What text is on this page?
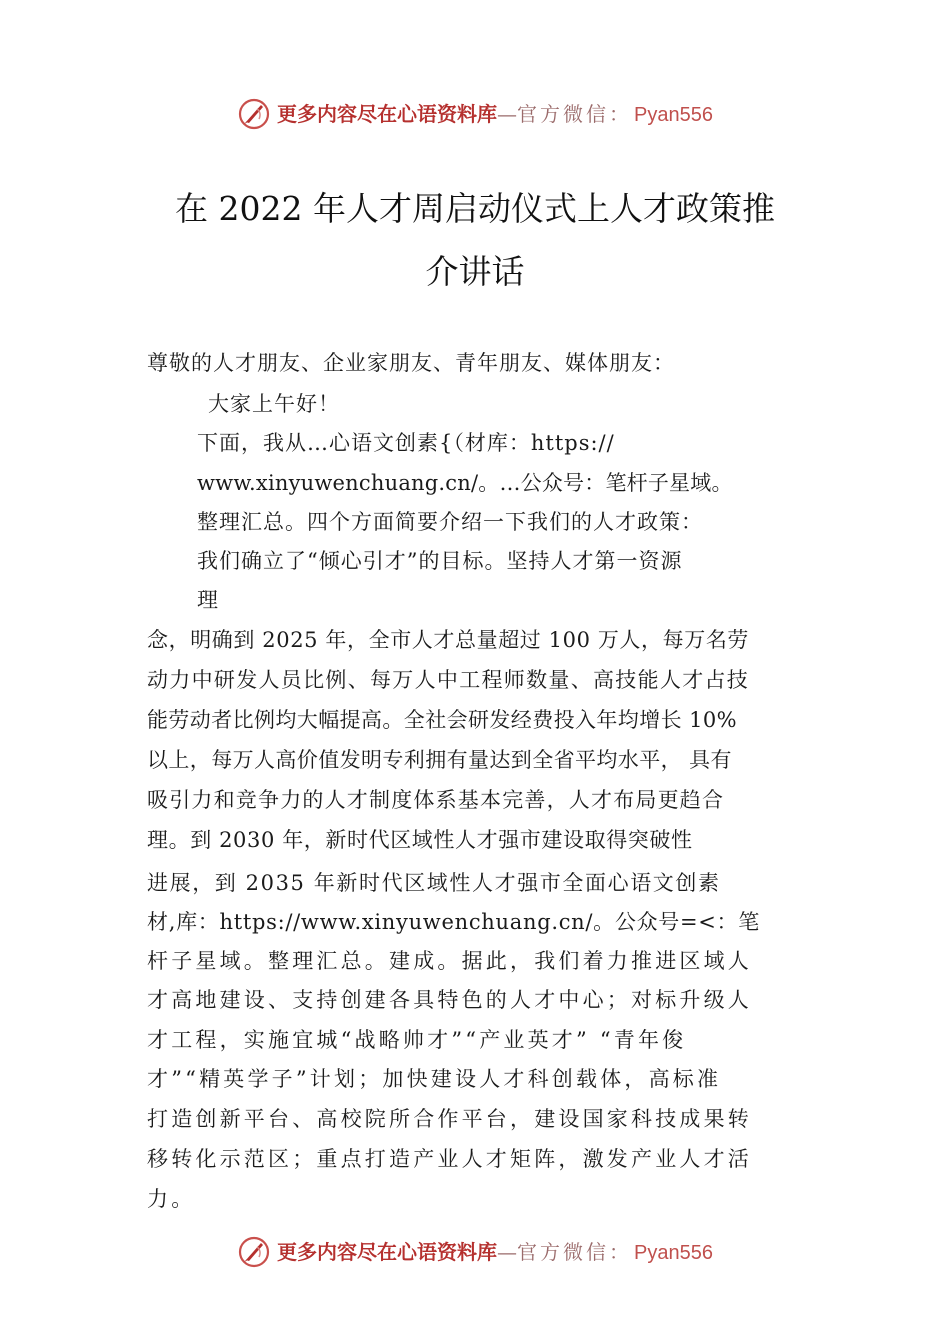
更多内容尽在心语资料库 — 官方微信： Pyan556
在 2022 年人才周启动仪式上人才政策推
介讲话
尊敬的人才朋友、企业家朋友、青年朋友、媒体朋友：
大家上午好！
下面，我从…心语文创素{（材库：https://
www.xinyuwenchuang.cn/。…公众号：笔杆子星域。
整理汇总。四个方面简要介绍一下我们的人才政策：
我们确立了“倾心引才”的目标。坚持人才第一资源
理
念，明确到 2025 年，全市人才总量超过 100 万人，每万名劳
动力中研发人员比例、每万人中工程师数量、高技能人才占技
能劳动者比例均大幅提高。全社会研发经费投入年均增长 10%
以上，每万人高价值发明专利拥有量达到全省平均水平， 具有
吸引力和竞争力的人才制度体系基本完善，人才布局更趋合
理。到 2030 年，新时代区域性人才强市建设取得突破性
进展，到 2035 年新时代区域性人才强市全面心语文创素
材,库：https://www.xinyuwenchuang.cn/。公众号=<：笔
杆子星域。整理汇总。建成。据此，我们着力推进区域人
才高地建设、支持创建各具特色的人才中心；对标升级人
才工程，实施宜城“战略帅才”“产业英才” “青年俊
才”“精英学子”计划；加快建设人才科创载体，高标准
打造创新平台、高校院所合作平台，建设国家科技成果转
移转化示范区；重点打造产业人才矩阵，激发产业人才活
力。
更多内容尽在心语资料库 — 官方微信： Pyan556
